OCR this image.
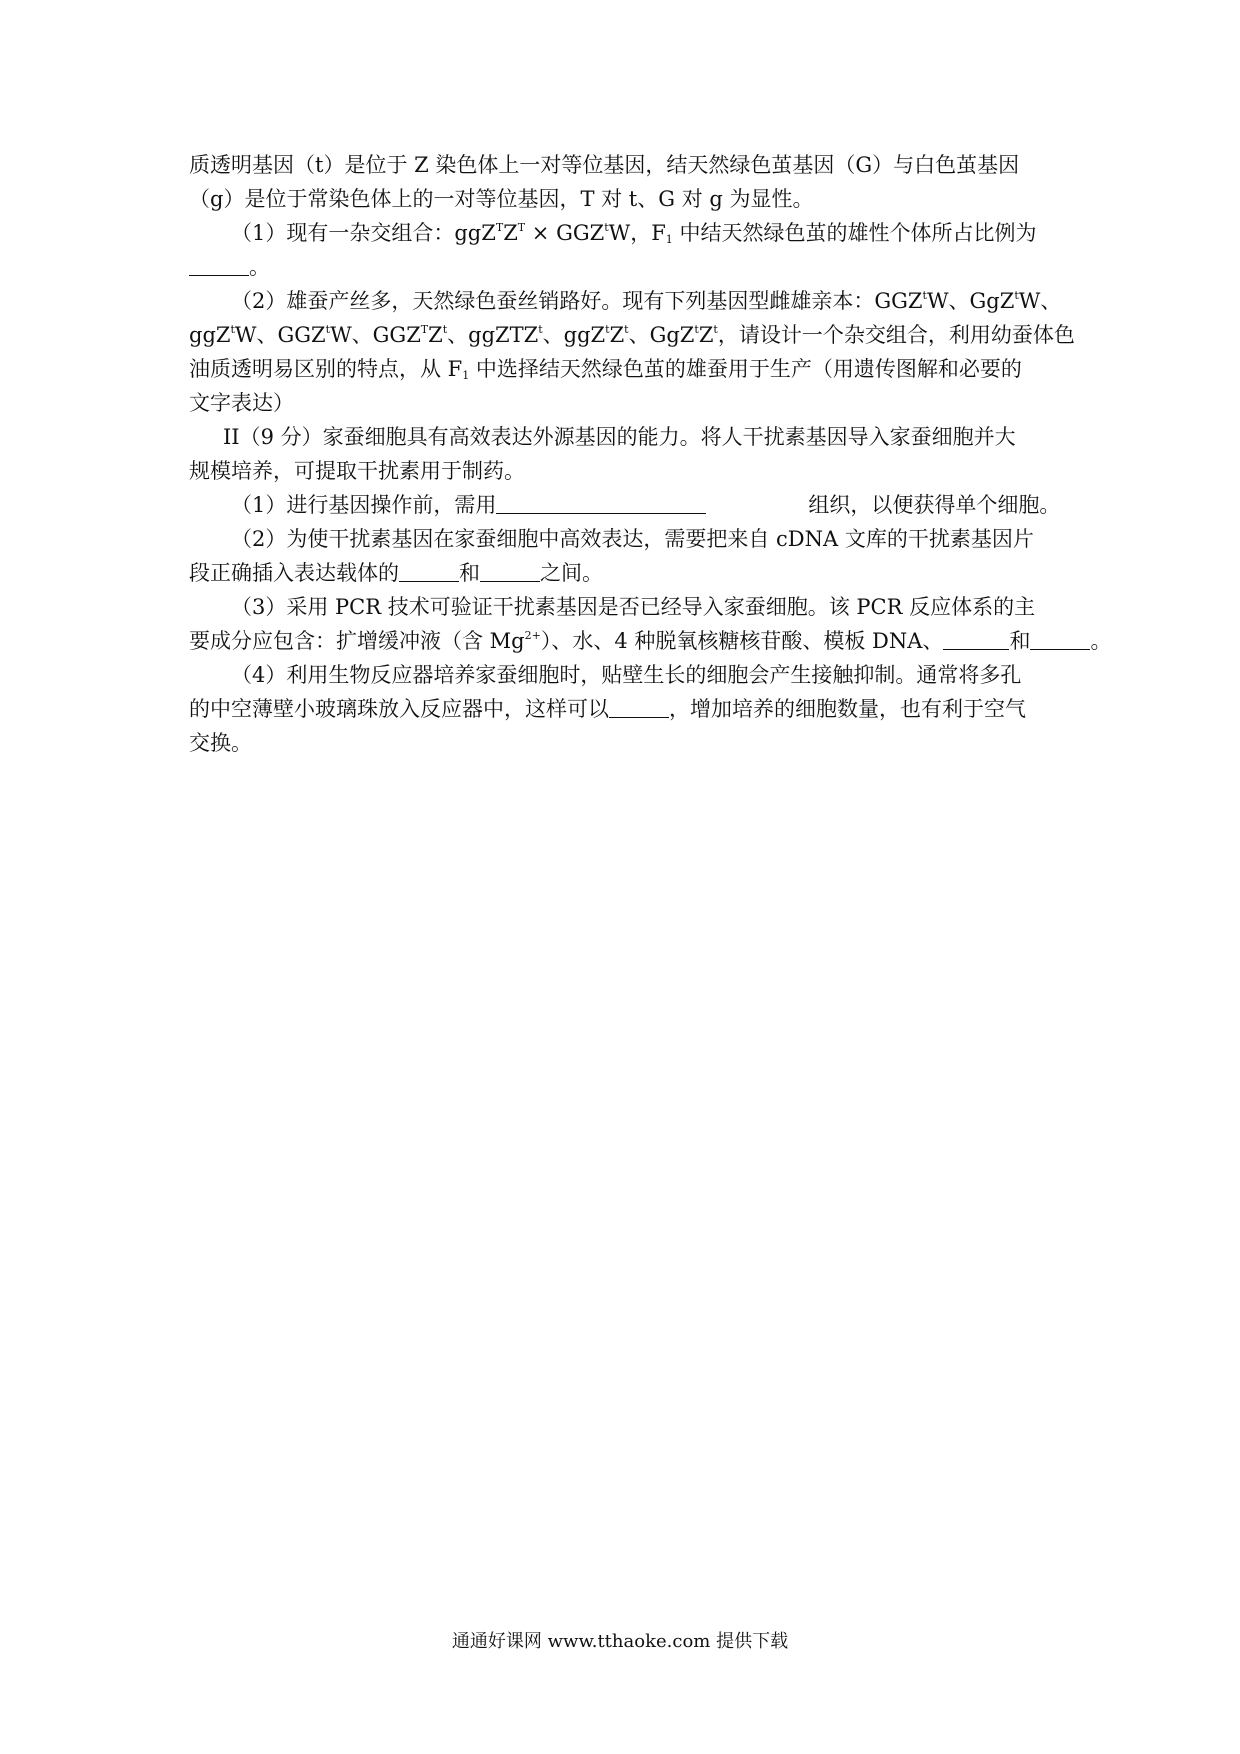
质透明基因（t）是位于 Z 染色体上一对等位基因，结天然绿色茧基因（G）与白色茧基因

（g）是位于常染色体上的一对等位基因，T 对 t、G 对 g 为显性。

（1）现有一杂交组合：$ggZ^TZ^T \times GGZ^tW$，$F_1$ 中结天然绿色茧的雄性个体所占比例为

。

（2）雄蚕产丝多，天然绿色蚕丝销路好。现有下列基因型雌雄亲本：GGZ$^t$W、GgZ$^t$W、

ggZ$^t$W、GGZ$^t$W、$GGZ^TZ^t$、ggZTZ$^t$、$ggZ^tZ^t$、$GgZ^tZ^t$，请设计一个杂交组合，利用幼蚕体色

油质透明易区别的特点，从 $F_1$ 中选择结天然绿色茧的雄蚕用于生产（用遗传图解和必要的

文字表达）

II（9 分）家蚕细胞具有高效表达外源基因的能力。将人干扰素基因导入家蚕细胞并大

规模培养，可提取干扰素用于制药。

（1）进行基因操作前，需用	组织，以便获得单个细胞。

（2）为使干扰素基因在家蚕细胞中高效表达，需要把来自 cDNA 文库的干扰素基因片

段正确插入表达载体的	和	之间。

（3）采用 PCR 技术可验证干扰素基因是否已经导入家蚕细胞。该 PCR 反应体系的主

要成分应包含：扩增缓冲液（含 $Mg^{2+}$）、水、4 种脱氧核糖核苷酸、模板 DNA、	和	。

（4）利用生物反应器培养家蚕细胞时，贴壁生长的细胞会产生接触抑制。通常将多孔

的中空薄壁小玻璃珠放入反应器中，这样可以	，增加培养的细胞数量，也有利于空气

交换。

通通好课网 www.tthaoke.com 提供下载
